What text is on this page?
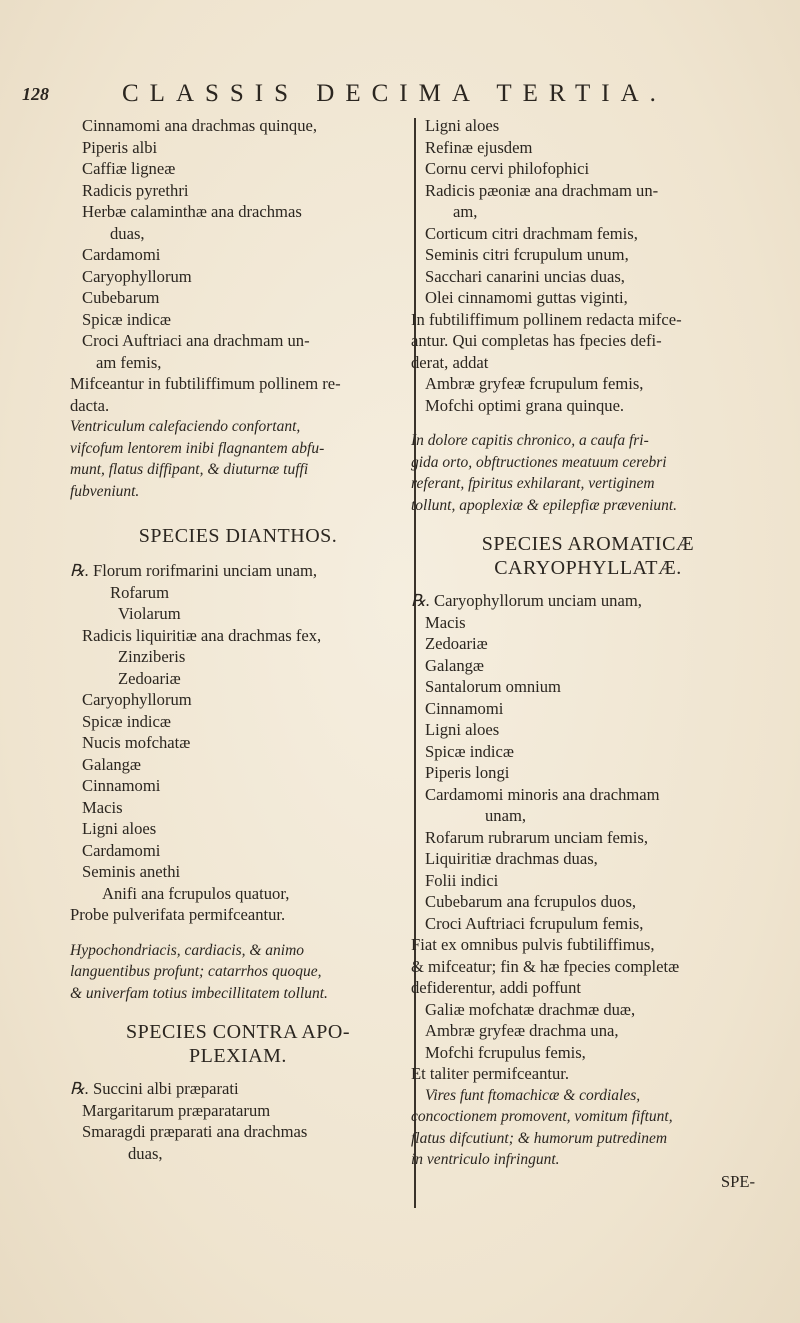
128	CLASSIS DECIMA TERTIA.
Cinnamomi ana drachmas quinque,
Piperis albi
Caffiæ ligneæ
Radicis pyrethri
Herbæ calaminthæ ana drachmas
duas,
Cardamomi
Caryophyllorum
Cubebarum
Spicæ indicæ
Croci Auftriaci ana drachmam un-
am femis,
Mifceantur in fubtiliffimum pollinem re-
dacta.
Ventriculum calefaciendo confortant,
vifcofum lentorem inibi flagnantem abfu-
munt, flatus diffipant, & diuturnæ tuffi
fubveniunt.
SPECIES DIANTHOS.
℞. Florum rorifmarini unciam unam,
Rofarum
Violarum
Radicis liquiritiæ ana drachmas fex,
Zinziberis
Zedoariæ
Caryophyllorum
Spicæ indicæ
Nucis mofchatæ
Galangæ
Cinnamomi
Macis
Ligni aloes
Cardamomi
Seminis anethi
Anifi ana fcrupulos quatuor,
Probe pulverifata permifceantur.
Hypochondriacis, cardiacis, & animo
languentibus profunt; catarrhos quoque,
& univerfam totius imbecillitatem tollunt.
SPECIES CONTRA APO-
PLEXIAM.
℞. Succini albi præparati
Margaritarum præparatarum
Smaragdi præparati ana drachmas
duas,
Ligni aloes
Refinæ ejusdem
Cornu cervi philofophici
Radicis pæoniæ ana drachmam un-
am,
Corticum citri drachmam femis,
Seminis citri fcrupulum unum,
Sacchari canarini uncias duas,
Olei cinnamomi guttas viginti,
In fubtiliffimum pollinem redacta mifce-
antur. Qui completas has fpecies defi-
derat, addat
Ambræ gryfeæ fcrupulum femis,
Mofchi optimi grana quinque.
In dolore capitis chronico, a caufa fri-
gida orto, obftructiones meatuum cerebri
referant, fpiritus exhilarant, vertiginem
tollunt, apoplexiæ & epilepfiæ præveniunt.
SPECIES AROMATICÆ
CARYOPHYLLATÆ.
℞. Caryophyllorum unciam unam,
Macis
Zedoariæ
Galangæ
Santalorum omnium
Cinnamomi
Ligni aloes
Spicæ indicæ
Piperis longi
Cardamomi minoris ana drachmam
unam,
Rofarum rubrarum unciam femis,
Liquiritiæ drachmas duas,
Folii indici
Cubebarum ana fcrupulos duos,
Croci Auftriaci fcrupulum femis,
Fiat ex omnibus pulvis fubtiliffimus,
& mifceatur; fin & hæ fpecies completæ
defiderentur, addi poffunt
Galiæ mofchatæ drachmæ duæ,
Ambræ gryfeæ drachma una,
Mofchi fcrupulus femis,
Et taliter permifceantur.
Vires funt ftomachicæ & cordiales,
concoctionem promovent, vomitum fiftunt,
flatus difcutiunt; & humorum putredinem
in ventriculo infringunt.
SPE-
